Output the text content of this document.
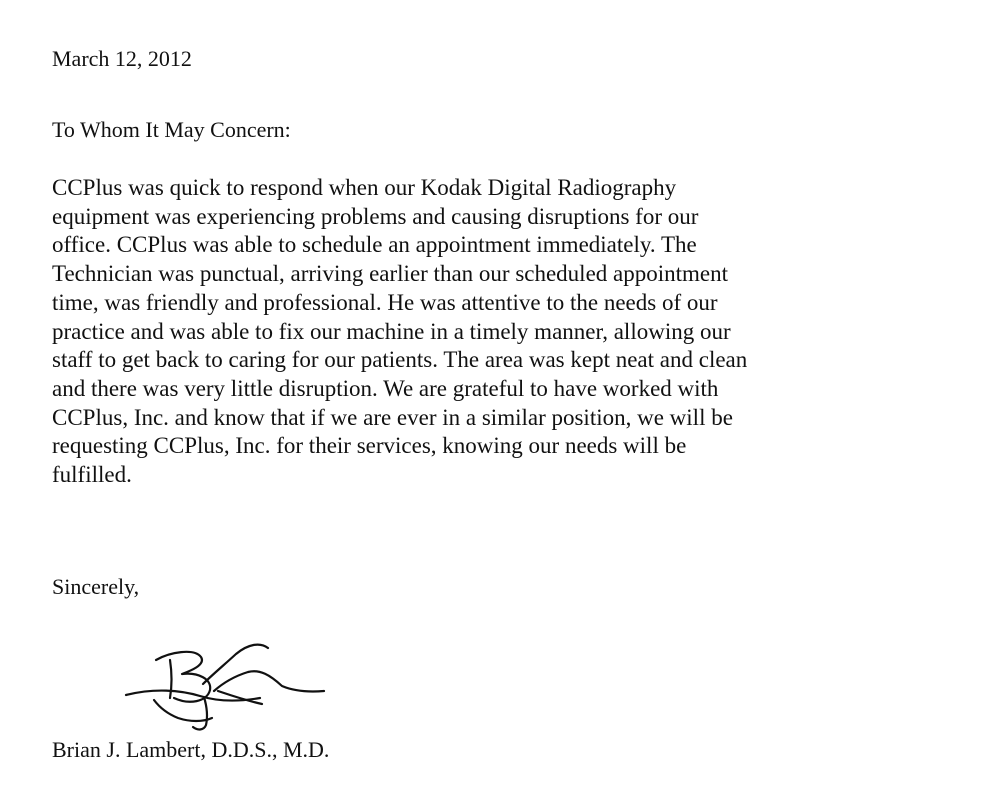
March 12, 2012
To Whom It May Concern:
CCPlus was quick to respond when our Kodak Digital Radiography
equipment was experiencing problems and causing disruptions for our
office. CCPlus was able to schedule an appointment immediately. The
Technician was punctual, arriving earlier than our scheduled appointment
time, was friendly and professional. He was attentive to the needs of our
practice and was able to fix our machine in a timely manner, allowing our
staff to get back to caring for our patients. The area was kept neat and clean
and there was very little disruption. We are grateful to have worked with
CCPlus, Inc. and know that if we are ever in a similar position, we will be
requesting CCPlus, Inc. for their services, knowing our needs will be
fulfilled.
Sincerely,
Brian J. Lambert, D.D.S., M.D.
